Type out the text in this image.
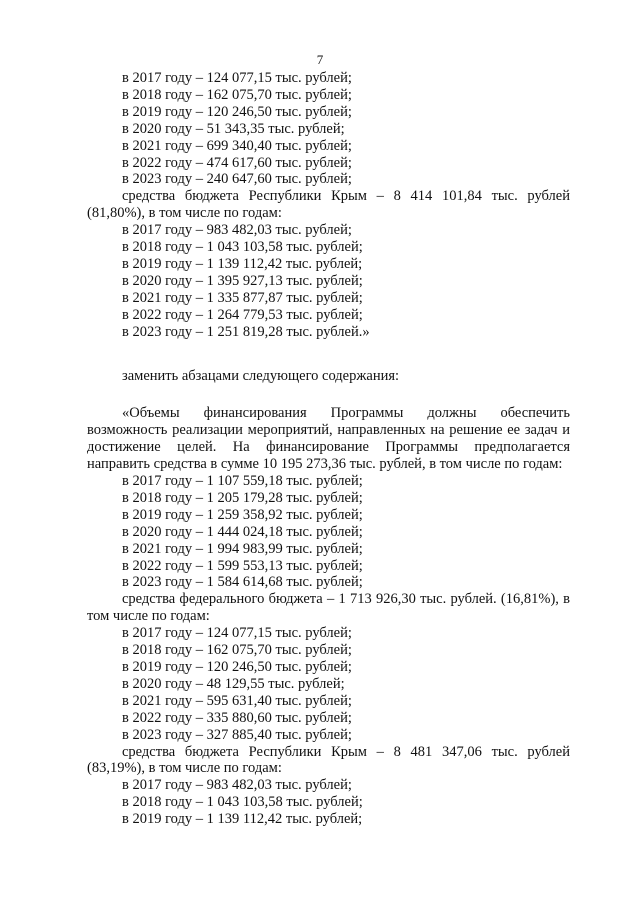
7
в 2017 году – 124 077,15 тыс. рублей;
в 2018 году – 162 075,70 тыс. рублей;
в 2019 году – 120 246,50 тыс. рублей;
в 2020 году – 51 343,35 тыс. рублей;
в 2021 году – 699 340,40 тыс. рублей;
в 2022 году – 474 617,60 тыс. рублей;
в 2023 году – 240 647,60 тыс. рублей;
средства бюджета Республики Крым – 8 414 101,84 тыс. рублей (81,80%), в том числе по годам:
в 2017 году – 983 482,03 тыс. рублей;
в 2018 году – 1 043 103,58 тыс. рублей;
в 2019 году – 1 139 112,42 тыс. рублей;
в 2020 году – 1 395 927,13 тыс. рублей;
в 2021 году – 1 335 877,87 тыс. рублей;
в 2022 году – 1 264 779,53 тыс. рублей;
в 2023 году – 1 251 819,28 тыс. рублей.»
заменить абзацами следующего содержания:
«Объемы финансирования Программы должны обеспечить возможность реализации мероприятий, направленных на решение ее задач и достижение целей. На финансирование Программы предполагается направить средства в сумме 10 195 273,36 тыс. рублей, в том числе по годам:
в 2017 году – 1 107 559,18 тыс. рублей;
в 2018 году – 1 205 179,28 тыс. рублей;
в 2019 году – 1 259 358,92 тыс. рублей;
в 2020 году – 1 444 024,18 тыс. рублей;
в 2021 году – 1 994 983,99 тыс. рублей;
в 2022 году – 1 599 553,13 тыс. рублей;
в 2023 году – 1 584 614,68 тыс. рублей;
средства федерального бюджета – 1 713 926,30 тыс. рублей. (16,81%), в том числе по годам:
в 2017 году – 124 077,15 тыс. рублей;
в 2018 году – 162 075,70 тыс. рублей;
в 2019 году – 120 246,50 тыс. рублей;
в 2020 году – 48 129,55 тыс. рублей;
в 2021 году – 595 631,40 тыс. рублей;
в 2022 году – 335 880,60 тыс. рублей;
в 2023 году – 327 885,40 тыс. рублей;
средства бюджета Республики Крым – 8 481 347,06 тыс. рублей (83,19%), в том числе по годам:
в 2017 году – 983 482,03 тыс. рублей;
в 2018 году – 1 043 103,58 тыс. рублей;
в 2019 году – 1 139 112,42 тыс. рублей;
